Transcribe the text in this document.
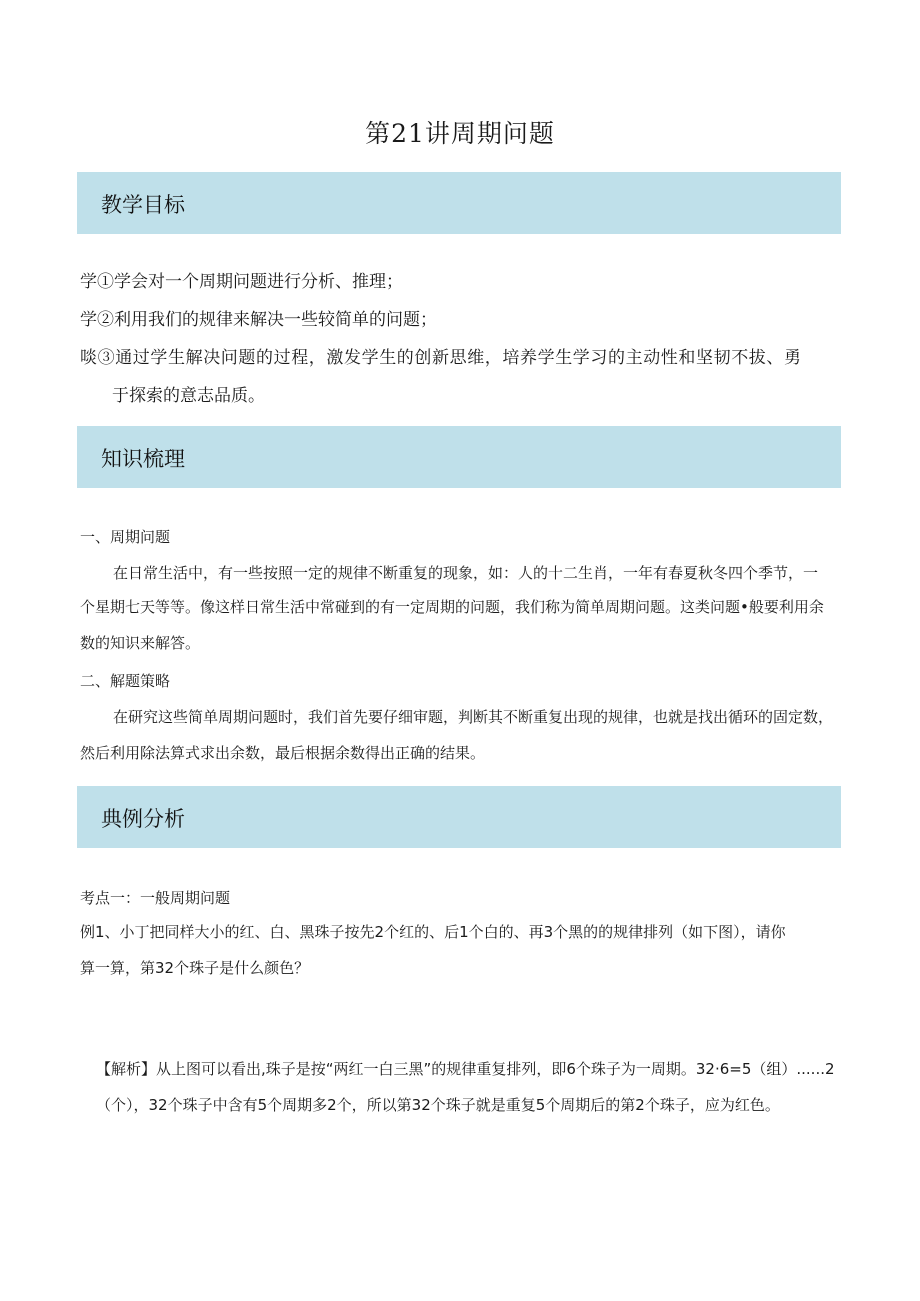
第21讲周期问题
教学目标
学①学会对一个周期问题进行分析、推理；
学②利用我们的规律来解决一些较简单的问题；
啖③通过学生解决问题的过程，激发学生的创新思维，培养学生学习的主动性和坚韧不拔、勇
于探索的意志品质。
知识梳理
一、周期问题
在日常生活中，有一些按照一定的规律不断重复的现象，如：人的十二生肖，一年有春夏秋冬四个季节，一
个星期七天等等。像这样日常生活中常碰到的有一定周期的问题，我们称为简单周期问题。这类问题•般要利用余
数的知识来解答。
二、解题策略
在研究这些简单周期问题时，我们首先要仔细审题，判断其不断重复出现的规律，也就是找出循环的固定数，
然后利用除法算式求出余数，最后根据余数得出正确的结果。
典例分析
考点一：一般周期问题
例1、小丁把同样大小的红、白、黑珠子按先2个红的、后1个白的、再3个黑的的规律排列（如下图），请你
算一算，第32个珠子是什么颜色？
【解析】从上图可以看出,珠子是按“两红一白三黑”的规律重复排列，即6个珠子为一周期。32·6=5（组）......2
（个），32个珠子中含有5个周期多2个，所以第32个珠子就是重复5个周期后的第2个珠子，应为红色。
